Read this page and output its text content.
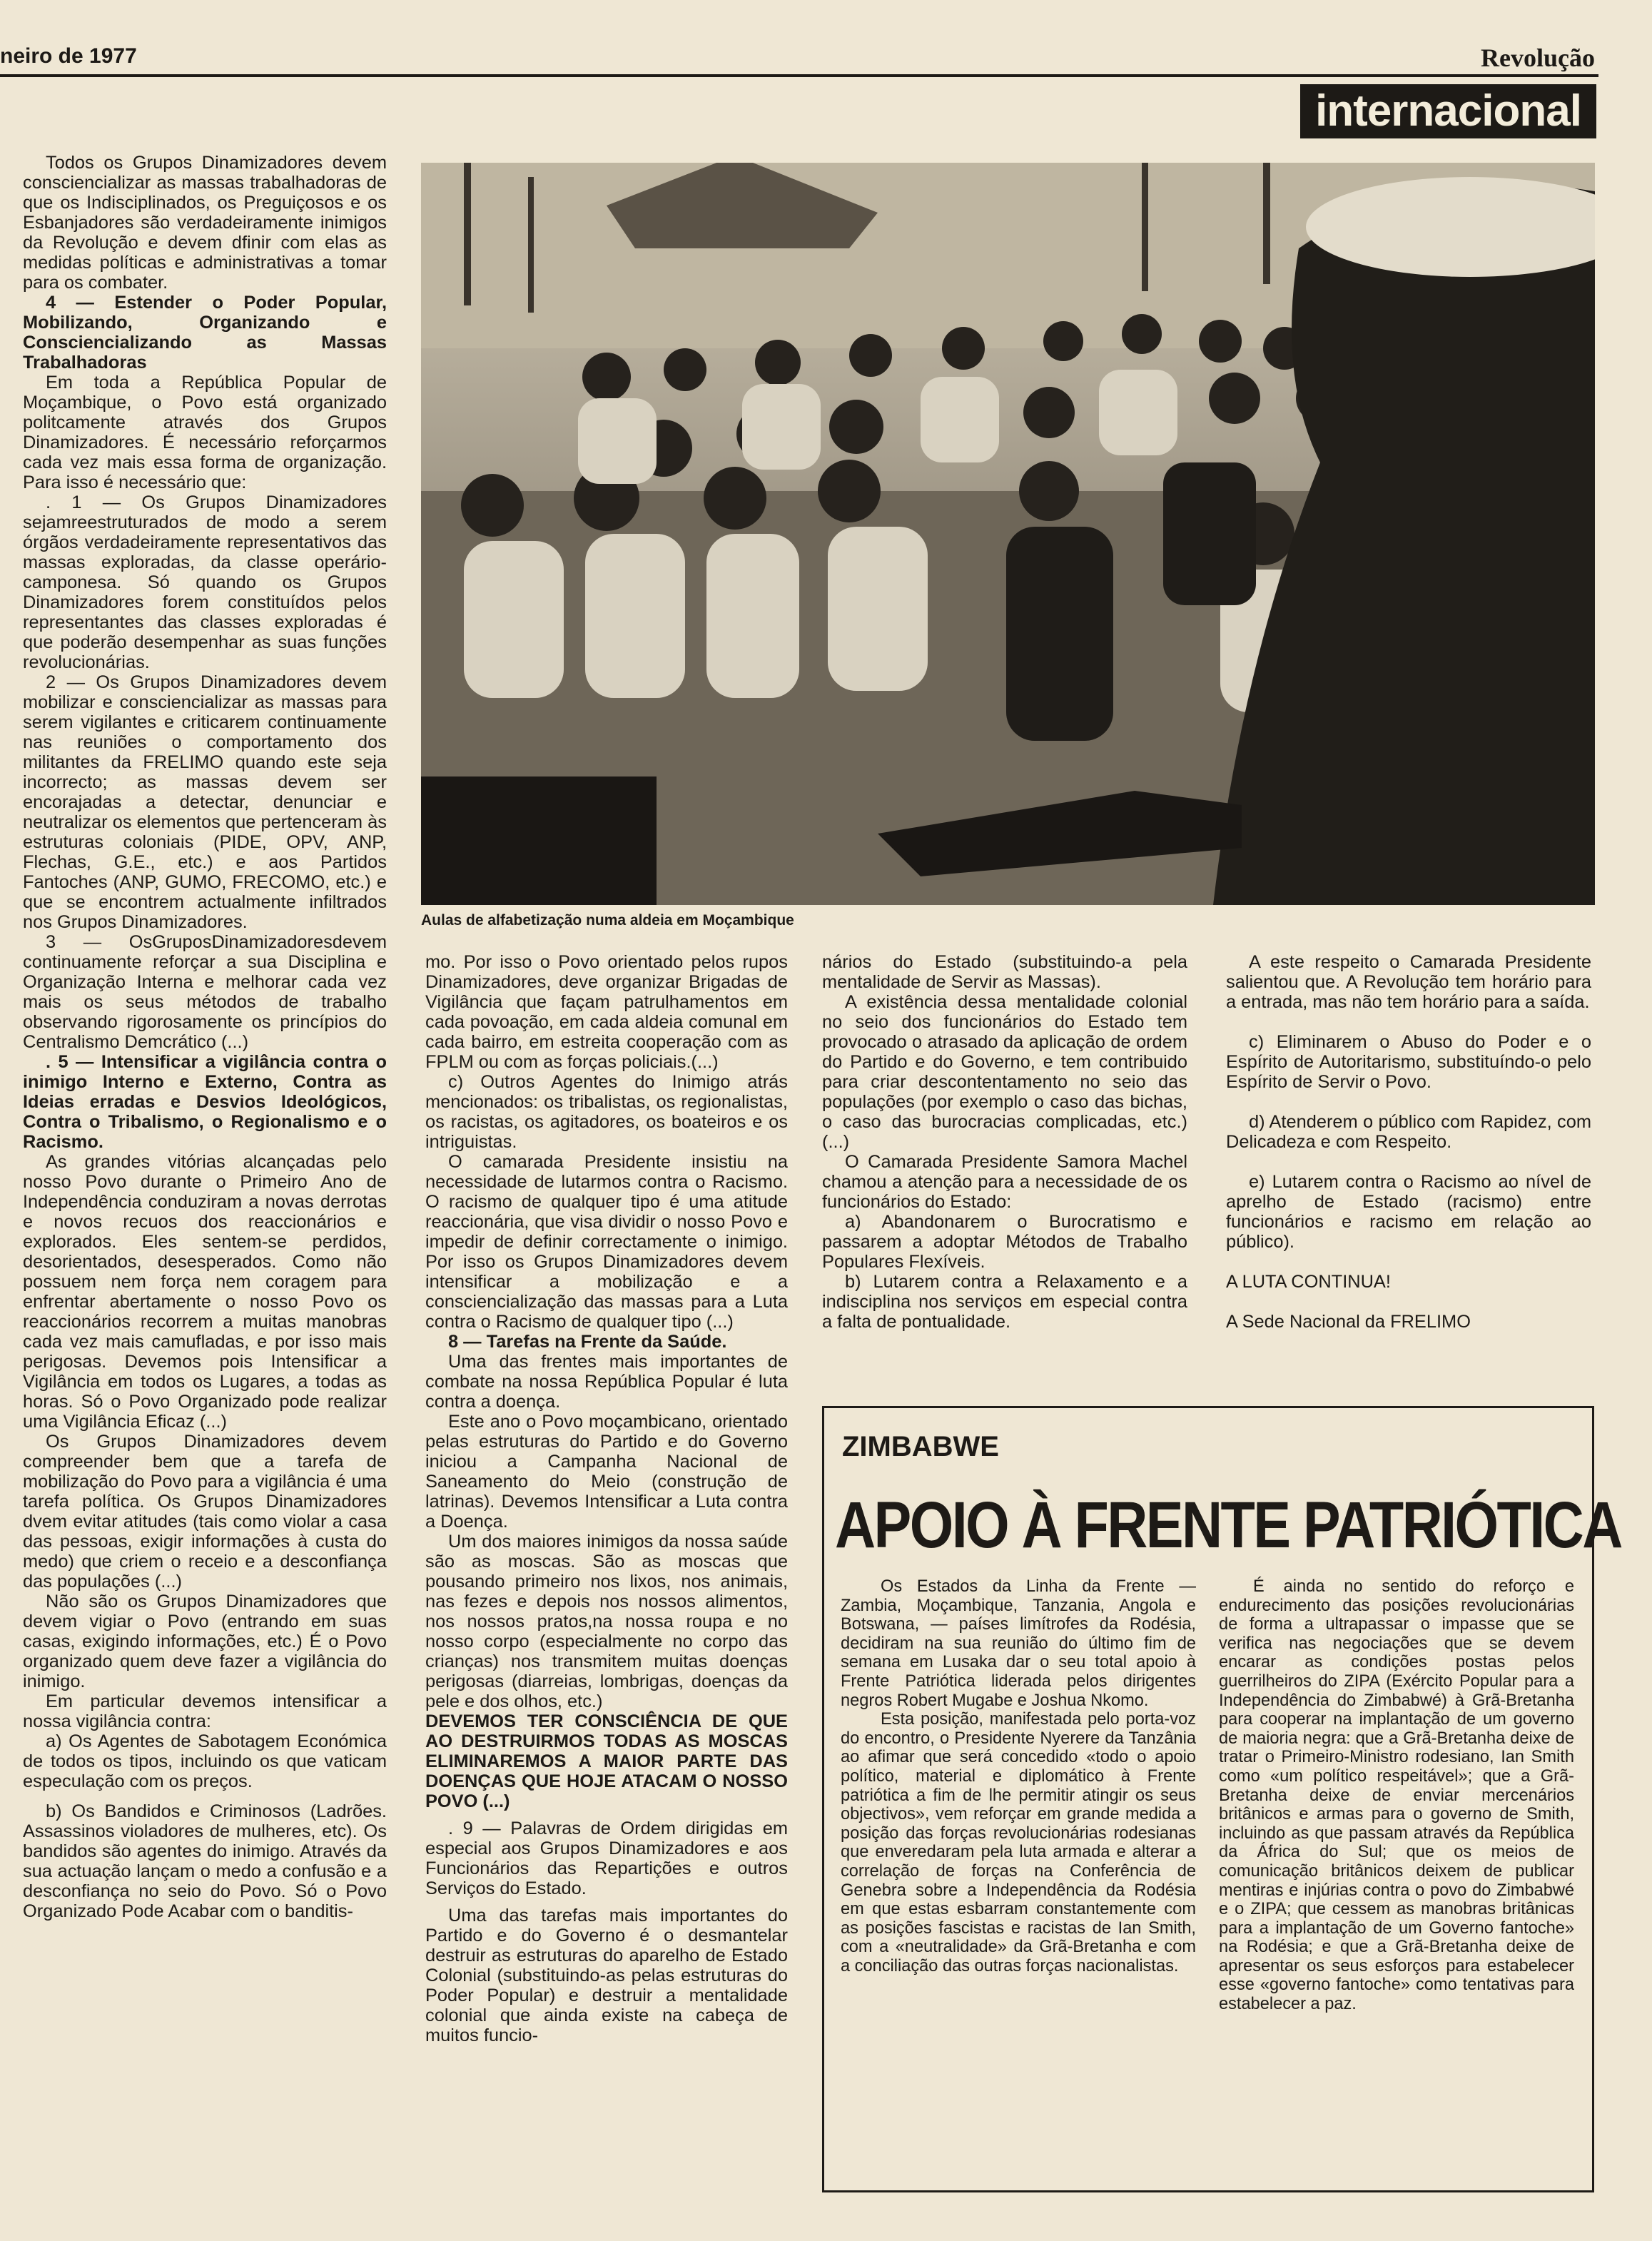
neiro de 1977	Revolução
internacional
Aulas de alfabetização numa aldeia em Moçambique

Todos os Grupos Dinamizadores devem consciencializar as massas trabalhadoras de que os Indisciplinados, os Preguiçosos e os Esbanjadores são verdadeiramente inimigos da Revolução e devem dfinir com elas as medidas políticas e administrativas a tomar para os combater.

4 — Estender o Poder Popular, Mobilizando, Organizando e Consciencializando as Massas Trabalhadoras

Em toda a República Popular de Moçambique, o Povo está organizado politcamente através dos Grupos Dinamizadores. É necessário reforçarmos cada vez mais essa forma de organização. Para isso é necessário que:

. 1 — Os Grupos Dinamizadores sejamreestruturados de modo a serem órgãos verdadeiramente representativos das massas exploradas, da classe operário-camponesa. Só quando os Grupos Dinamizadores forem constituídos pelos representantes das classes exploradas é que poderão desempenhar as suas funções revolucionárias.

2 — Os Grupos Dinamizadores devem mobilizar e consciencializar as massas para serem vigilantes e criticarem continuamente nas reuniões o comportamento dos militantes da FRELIMO quando este seja incorrecto; as massas devem ser encorajadas a detectar, denunciar e neutralizar os elementos que pertenceram às estruturas coloniais (PIDE, OPV, ANP, Flechas, G.E., etc.) e aos Partidos Fantoches (ANP, GUMO, FRECOMO, etc.) e que se encontrem actualmente infiltrados nos Grupos Dinamizadores.

3 — OsGruposDinamizadoresdevem continuamente reforçar a sua Disciplina e Organização Interna e melhorar cada vez mais os seus métodos de trabalho observando rigorosamente os princípios do Centralismo Demcrático (...)

. 5 — Intensificar a vigilância contra o inimigo Interno e Externo, Contra as Ideias erradas e Desvios Ideológicos, Contra o Tribalismo, o Regionalismo e o Racismo.

As grandes vitórias alcançadas pelo nosso Povo durante o Primeiro Ano de Independência conduziram a novas derrotas e novos recuos dos reaccionários e explorados. Eles sentem-se perdidos, desorientados, desesperados. Como não possuem nem força nem coragem para enfrentar abertamente o nosso Povo os reaccionários recorrem a muitas manobras cada vez mais camufladas, e por isso mais perigosas. Devemos pois Intensificar a Vigilância em todos os Lugares, a todas as horas. Só o Povo Organizado pode realizar uma Vigilância Eficaz (...)

Os Grupos Dinamizadores devem compreender bem que a tarefa de mobilização do Povo para a vigilância é uma tarefa política. Os Grupos Dinamizadores dvem evitar atitudes (tais como violar a casa das pessoas, exigir informações à custa do medo) que criem o receio e a desconfiança das populações (...)

Não são os Grupos Dinamizadores que devem vigiar o Povo (entrando em suas casas, exigindo informações, etc.) É o Povo organizado quem deve fazer a vigilância do inimigo.

Em particular devemos intensificar a nossa vigilância contra:

a) Os Agentes de Sabotagem Económica de todos os tipos, incluindo os que vaticam especulação com os preços.

b) Os Bandidos e Criminosos (Ladrões. Assassinos violadores de mulheres, etc). Os bandidos são agentes do inimigo. Através da sua actuação lançam o medo a confusão e a desconfiança no seio do Povo. Só o Povo Organizado Pode Acabar com o banditis-

mo. Por isso o Povo orientado pelos rupos Dinamizadores, deve organizar Brigadas de Vigilância que façam patrulhamentos em cada povoação, em cada aldeia comunal em cada bairro, em estreita cooperação com as FPLM ou com as forças policiais.(...)

c) Outros Agentes do Inimigo atrás mencionados: os tribalistas, os regionalistas, os racistas, os agitadores, os boateiros e os intriguistas.

O camarada Presidente insistiu na necessidade de lutarmos contra o Racismo. O racismo de qualquer tipo é uma atitude reaccionária, que visa dividir o nosso Povo e impedir de definir correctamente o inimigo. Por isso os Grupos Dinamizadores devem intensificar a mobilização e a consciencialização das massas para a Luta contra o Racismo de qualquer tipo (...)

8 — Tarefas na Frente da Saúde.

Uma das frentes mais importantes de combate na nossa República Popular é luta contra a doença.

Este ano o Povo moçambicano, orientado pelas estruturas do Partido e do Governo iniciou a Campanha Nacional de Saneamento do Meio (construção de latrinas). Devemos Intensificar a Luta contra a Doença.

Um dos maiores inimigos da nossa saúde são as moscas. São as moscas que pousando primeiro nos lixos, nos animais, nas fezes e depois nos nossos alimentos, nos nossos pratos,na nossa roupa e no nosso corpo (especialmente no corpo das crianças) nos transmitem muitas doenças perigosas (diarreias, lombrigas, doenças da pele e dos olhos, etc.)

DEVEMOS TER CONSCIÊNCIA DE QUE AO DESTRUIRMOS TODAS AS MOSCAS ELIMINAREMOS A MAIOR PARTE DAS DOENÇAS QUE HOJE ATACAM O NOSSO POVO (...)

. 9 — Palavras de Ordem dirigidas em especial aos Grupos Dinamizadores e aos Funcionários das Repartições e outros Serviços do Estado.

Uma das tarefas mais importantes do Partido e do Governo é o desmantelar destruir as estruturas do aparelho de Estado Colonial (substituindo-as pelas estruturas do Poder Popular) e destruir a mentalidade colonial que ainda existe na cabeça de muitos funcio-

nários do Estado (substituindo-a pela mentalidade de Servir as Massas).

A existência dessa mentalidade colonial no seio dos funcionários do Estado tem provocado o atrasado da aplicação de ordem do Partido e do Governo, e tem contribuido para criar descontentamento no seio das populações (por exemplo o caso das bichas, o caso das burocracias complicadas, etc.) (...)

O Camarada Presidente Samora Machel chamou a atenção para a necessidade de os funcionários do Estado:

a) Abandonarem o Burocratismo e passarem a adoptar Métodos de Trabalho Populares Flexíveis.

b) Lutarem contra a Relaxamento e a indisciplina nos serviços em especial contra a falta de pontualidade.

A este respeito o Camarada Presidente salientou que. A Revolução tem horário para a entrada, mas não tem horário para a saída.

c) Eliminarem o Abuso do Poder e o Espírito de Autoritarismo, substituíndo-o pelo Espírito de Servir o Povo.

d) Atenderem o público com Rapidez, com Delicadeza e com Respeito.

e) Lutarem contra o Racismo ao nível de aprelho de Estado (racismo) entre funcionários e racismo em relação ao público).

A LUTA CONTINUA!

A Sede Nacional da FRELIMO

ZIMBABWE
APOIO À FRENTE PATRIÓTICA

Os Estados da Linha da Frente — Zambia, Moçambique, Tanzania, Angola e Botswana, — países limítrofes da Rodésia, decidiram na sua reunião do último fim de semana em Lusaka dar o seu total apoio à Frente Patriótica liderada pelos dirigentes negros Robert Mugabe e Joshua Nkomo.

Esta posição, manifestada pelo porta-voz do encontro, o Presidente Nyerere da Tanzânia ao afimar que será concedido «todo o apoio político, material e diplomático à Frente patriótica a fim de lhe permitir atingir os seus objectivos», vem reforçar em grande medida a posição das forças revolucionárias rodesianas que enveredaram pela luta armada e alterar a correlação de forças na Conferência de Genebra sobre a Independência da Rodésia em que estas esbarram constantemente com as posições fascistas e racistas de Ian Smith, com a «neutralidade» da Grã-Bretanha e com a conciliação das outras forças nacionalistas.

É ainda no sentido do reforço e endurecimento das posições revolucionárias de forma a ultrapassar o impasse que se verifica nas negociações que se devem encarar as condições postas pelos guerrilheiros do ZIPA (Exército Popular para a Independência do Zimbabwé) à Grã-Bretanha para cooperar na implantação de um governo de maioria negra: que a Grã-Bretanha deixe de tratar o Primeiro-Ministro rodesiano, Ian Smith como «um político respeitável»; que a Grã-Bretanha deixe de enviar mercenários britânicos e armas para o governo de Smith, incluindo as que passam através da República da África do Sul; que os meios de comunicação britânicos deixem de publicar mentiras e injúrias contra o povo do Zimbabwé e o ZIPA; que cessem as manobras britânicas para a implantação de um Governo fantoche» na Rodésia; e que a Grã-Bretanha deixe de apresentar os seus esforços para estabelecer esse «governo fantoche» como tentativas para estabelecer a paz.
